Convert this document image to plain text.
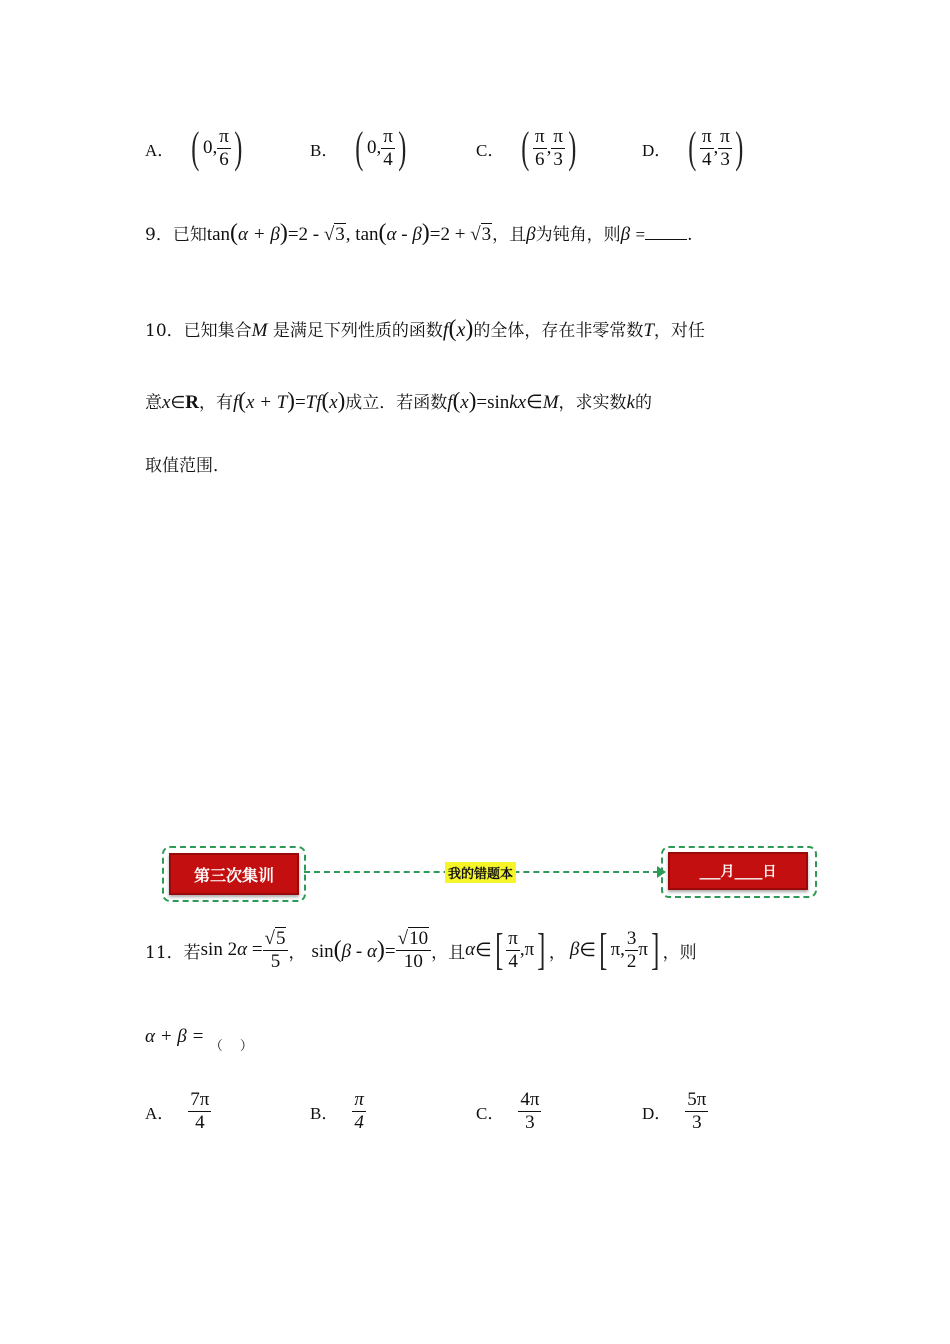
A． ( 0, $\frac{\pi}{6}$ )	B． ( 0, $\frac{\pi}{4}$ )	C． ( $\frac{\pi}{6}$ , $\frac{\pi}{3}$ )	D． ( $\frac{\pi}{4}$ , $\frac{\pi}{3}$ )
9．已知tan(α + β)=2 - √3, tan(α - β)=2 + √3，且β为钝角，则β = .
10．已知集合M 是满足下列性质的函数f(x)的全体，存在非零常数T，对任
意x∈R，有f(x + T)=Tf(x)成立．若函数f(x)=sinkx∈M，求实数k的
取值范围．
第三次集训	我的错题本	___月____日
11．若 $\sin 2\alpha = \frac{√5}{5}$ ， $\sin(\beta - \alpha)= \frac{√10}{10}$ ，且 α ∈ [ $\frac{\pi}{4} ,\pi$ ] ， β ∈ [ π, $\frac{3}{2}$ π ] ，则
α + β = $_{( )}$
A． $\frac{7\pi}{4}$	B． $\frac{\pi}{4}$	C． $\frac{4\pi}{3}$	D． $\frac{5\pi}{3}$
